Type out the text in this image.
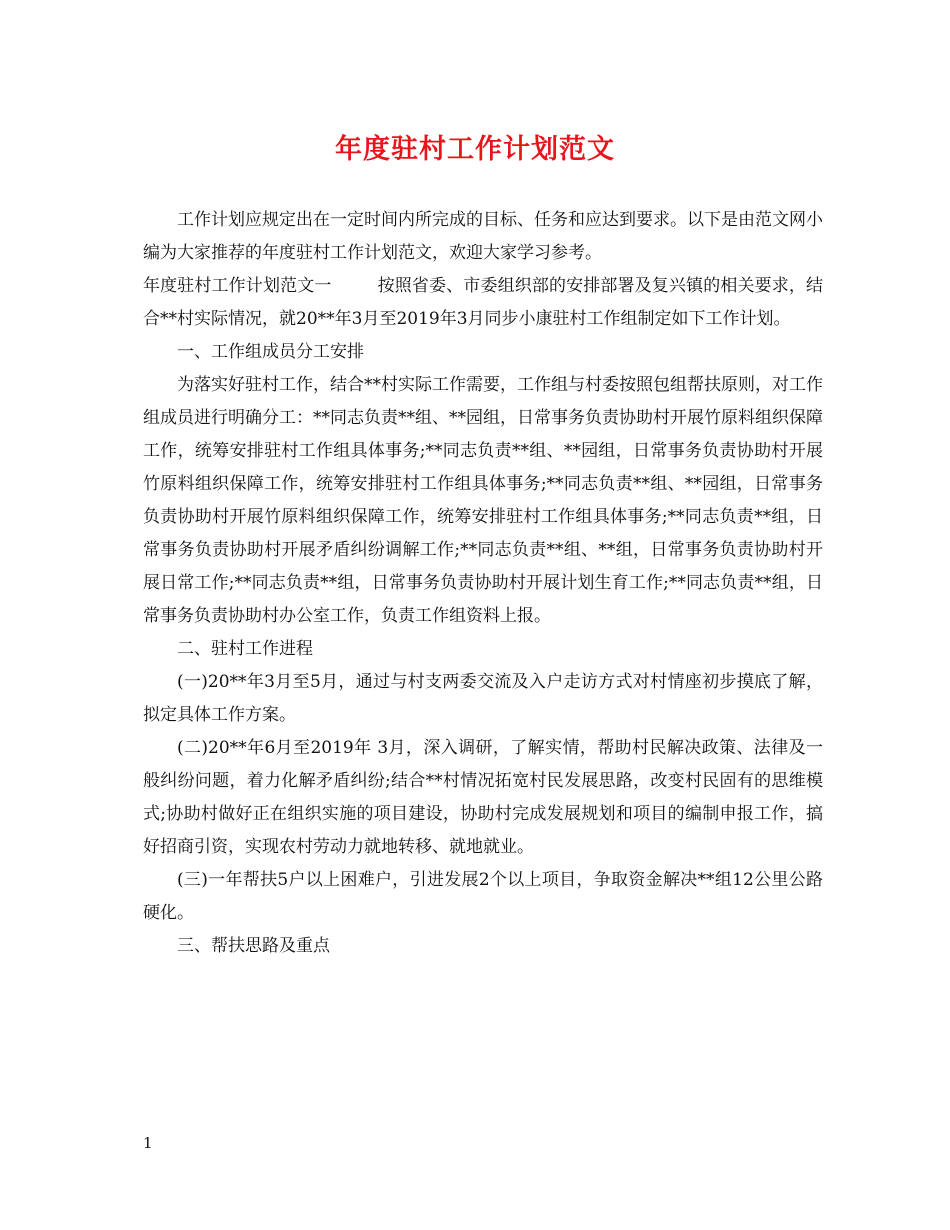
年度驻村工作计划范文

工作计划应规定出在一定时间内所完成的目标、任务和应达到要求。以下是由范文网小编为大家推荐的年度驻村工作计划范文，欢迎大家学习参考。

年度驻村工作计划范文一	按照省委、市委组织部的安排部署及复兴镇的相关要求，结合**村实际情况，就20**年3月至2019年3月同步小康驻村工作组制定如下工作计划。

一、工作组成员分工安排

为落实好驻村工作，结合**村实际工作需要，工作组与村委按照包组帮扶原则，对工作组成员进行明确分工：**同志负责**组、**园组，日常事务负责协助村开展竹原料组织保障工作，统筹安排驻村工作组具体事务;**同志负责**组、**园组，日常事务负责协助村开展竹原料组织保障工作，统筹安排驻村工作组具体事务;**同志负责**组、**园组，日常事务负责协助村开展竹原料组织保障工作，统筹安排驻村工作组具体事务;**同志负责**组，日常事务负责协助村开展矛盾纠纷调解工作;**同志负责**组、**组，日常事务负责协助村开展日常工作;**同志负责**组，日常事务负责协助村开展计划生育工作;**同志负责**组，日常事务负责协助村办公室工作，负责工作组资料上报。

二、驻村工作进程

(一)20**年3月至5月，通过与村支两委交流及入户走访方式对村情座初步摸底了解，拟定具体工作方案。

(二)20**年6月至2019年 3月，深入调研，了解实情，帮助村民解决政策、法律及一般纠纷问题，着力化解矛盾纠纷;结合**村情况拓宽村民发展思路，改变村民固有的思维模式;协助村做好正在组织实施的项目建设，协助村完成发展规划和项目的编制申报工作，搞好招商引资，实现农村劳动力就地转移、就地就业。

(三)一年帮扶5户以上困难户，引进发展2个以上项目，争取资金解决**组12公里公路硬化。

三、帮扶思路及重点

1
